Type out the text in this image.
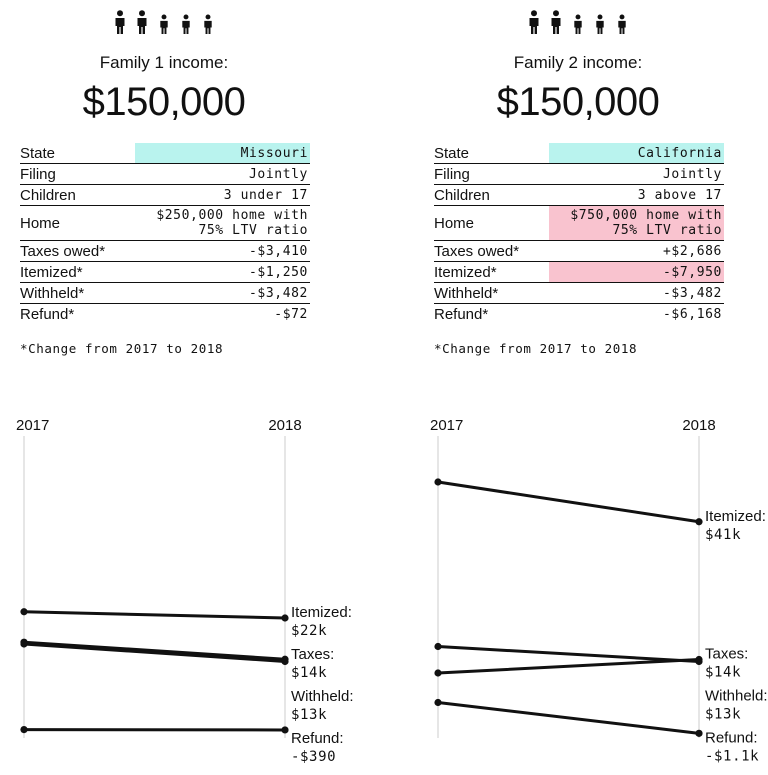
Family 1 income:
$150,000
State	Missouri
Filing	Jointly
Children	3 under 17
Home	$250,000 home with
75% LTV ratio
Taxes owed*	-$3,410
Itemized*	-$1,250
Withheld*	-$3,482
Refund*	-$72
*Change from 2017 to 2018
2017	2018
Itemized:
$22k
Taxes:
$14k
Withheld:
$13k
Refund:
-$390
Family 2 income:
$150,000
State	California
Filing	Jointly
Children	3 above 17
Home	$750,000 home with
75% LTV ratio
Taxes owed*	+$2,686
Itemized*	-$7,950
Withheld*	-$3,482
Refund*	-$6,168
*Change from 2017 to 2018
2017	2018
Itemized:
$41k
Taxes:
$14k
Withheld:
$13k
Refund:
-$1.1k
